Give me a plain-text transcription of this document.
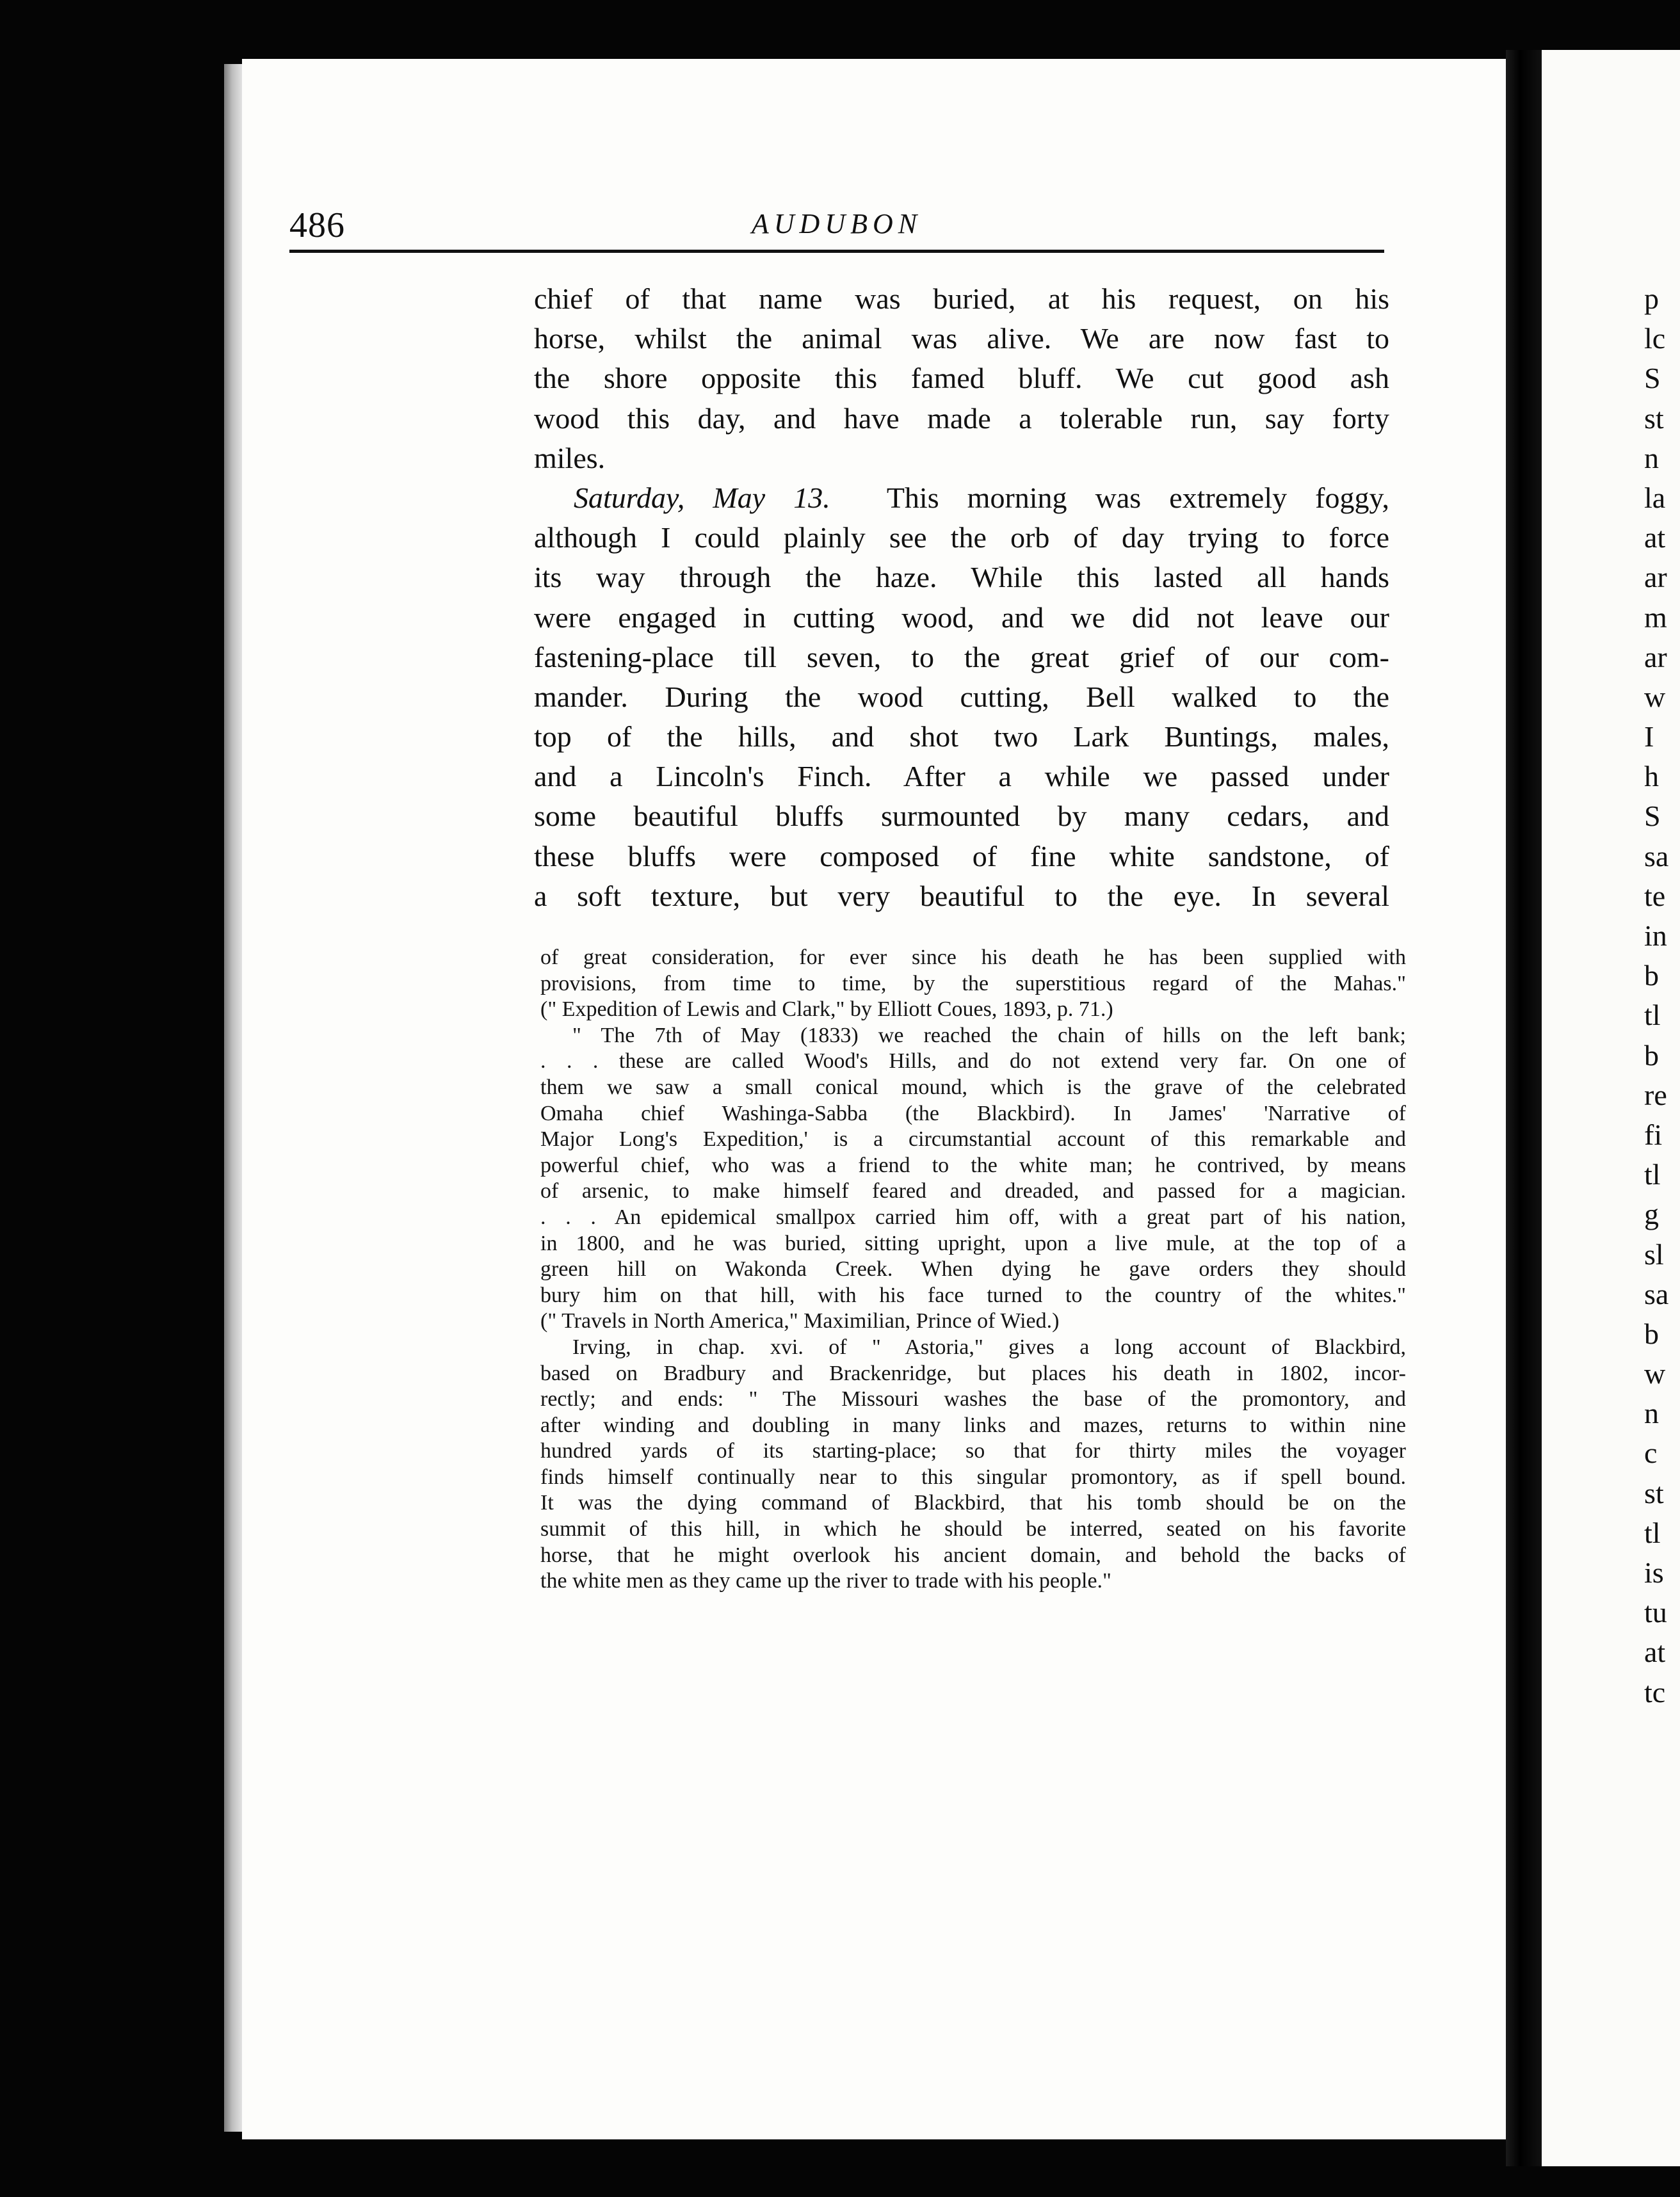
486	AUDUBON
chief of that name was buried, at his request, on his
horse, whilst the animal was alive. We are now fast to
the shore opposite this famed bluff. We cut good ash
wood this day, and have made a tolerable run, say forty
miles.
Saturday, May 13. This morning was extremely foggy,
although I could plainly see the orb of day trying to force
its way through the haze. While this lasted all hands
were engaged in cutting wood, and we did not leave our
fastening-place till seven, to the great grief of our com-
mander. During the wood cutting, Bell walked to the
top of the hills, and shot two Lark Buntings, males,
and a Lincoln's Finch. After a while we passed under
some beautiful bluffs surmounted by many cedars, and
these bluffs were composed of fine white sandstone, of
a soft texture, but very beautiful to the eye. In several
of great consideration, for ever since his death he has been supplied with
provisions, from time to time, by the superstitious regard of the Mahas."
(" Expedition of Lewis and Clark," by Elliott Coues, 1893, p. 71.)
" The 7th of May (1833) we reached the chain of hills on the left bank;
. . . these are called Wood's Hills, and do not extend very far. On one of
them we saw a small conical mound, which is the grave of the celebrated
Omaha chief Washinga-Sabba (the Blackbird). In James' 'Narrative of
Major Long's Expedition,' is a circumstantial account of this remarkable and
powerful chief, who was a friend to the white man; he contrived, by means
of arsenic, to make himself feared and dreaded, and passed for a magician.
. . . An epidemical smallpox carried him off, with a great part of his nation,
in 1800, and he was buried, sitting upright, upon a live mule, at the top of a
green hill on Wakonda Creek. When dying he gave orders they should
bury him on that hill, with his face turned to the country of the whites."
(" Travels in North America," Maximilian, Prince of Wied.)
Irving, in chap. xvi. of " Astoria," gives a long account of Blackbird,
based on Bradbury and Brackenridge, but places his death in 1802, incor-
rectly; and ends: " The Missouri washes the base of the promontory, and
after winding and doubling in many links and mazes, returns to within nine
hundred yards of its starting-place; so that for thirty miles the voyager
finds himself continually near to this singular promontory, as if spell bound.
It was the dying command of Blackbird, that his tomb should be on the
summit of this hill, in which he should be interred, seated on his favorite
horse, that he might overlook his ancient domain, and behold the backs of
the white men as they came up the river to trade with his people."
p
lc
S
st
n
la
at
ar
m
ar
w
I
h
S
sa
te
in
b
tl
b
re
fi
tl
g
sl
sa
b
w
n
c
st
tl
is
tu
at
tc
